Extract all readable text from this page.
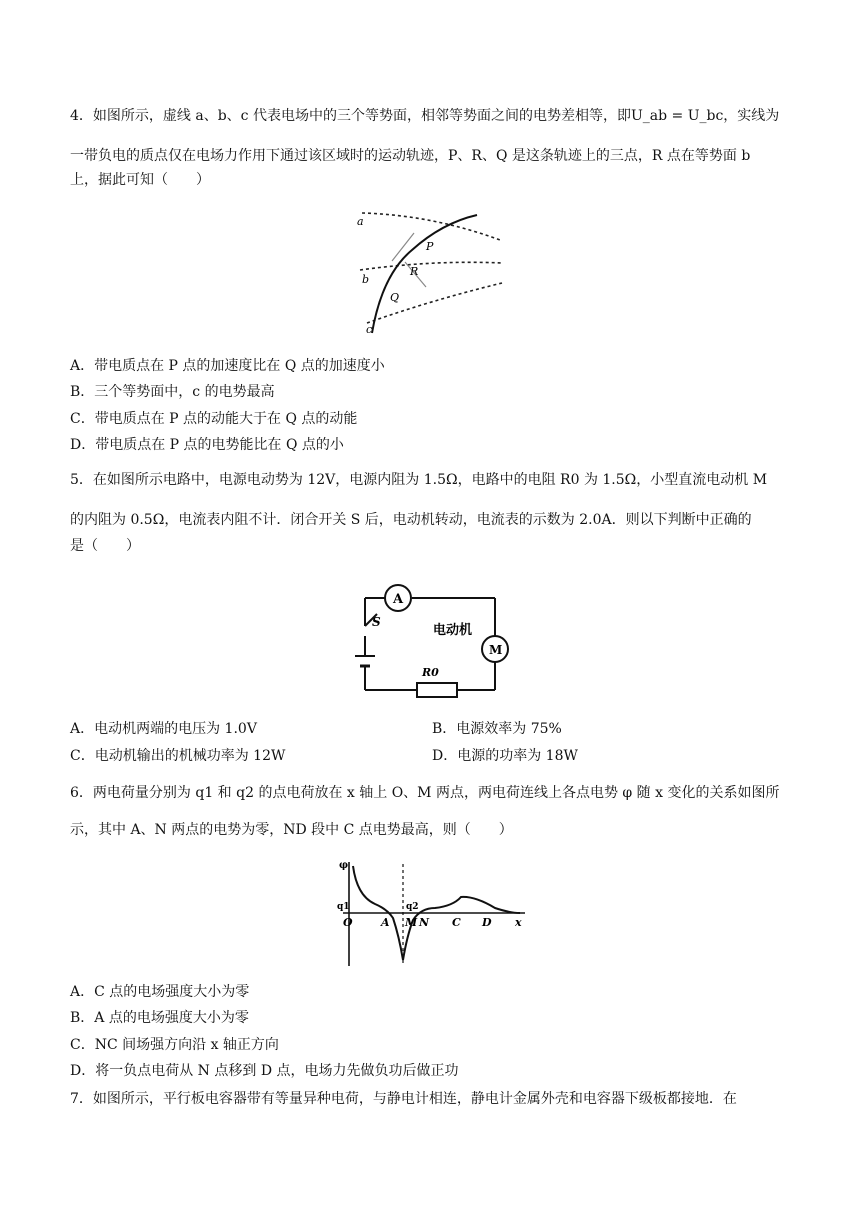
4．如图所示，虚线 a、b、c 代表电场中的三个等势面，相邻等势面之间的电势差相等，即U_ab = U_bc，实线为
一带负电的质点仅在电场力作用下通过该区域时的运动轨迹，P、R、Q 是这条轨迹上的三点，R 点在等势面 b
上，据此可知（　　）
a
b
c
P
R
Q
A．带电质点在 P 点的加速度比在 Q 点的加速度小
B．三个等势面中，c 的电势最高
C．带电质点在 P 点的动能大于在 Q 点的动能
D．带电质点在 P 点的电势能比在 Q 点的小
5．在如图所示电路中，电源电动势为 12V，电源内阻为 1.5Ω，电路中的电阻 R0 为 1.5Ω，小型直流电动机 M
的内阻为 0.5Ω，电流表内阻不计．闭合开关 S 后，电动机转动，电流表的示数为 2.0A．则以下判断中正确的
是（　　）
A
S
电动机
M
R0
A．电动机两端的电压为 1.0V	B．电源效率为 75%
C．电动机输出的机械功率为 12W	D．电源的功率为 18W
6．两电荷量分别为 q1 和 q2 的点电荷放在 x 轴上 O、M 两点，两电荷连线上各点电势 φ 随 x 变化的关系如图所
示，其中 A、N 两点的电势为零，ND 段中 C 点电势最高，则（　　）
φ
q1	q2
O	A M N C D x
A．C 点的电场强度大小为零
B．A 点的电场强度大小为零
C．NC 间场强方向沿 x 轴正方向
D．将一负点电荷从 N 点移到 D 点，电场力先做负功后做正功
7．如图所示，平行板电容器带有等量异种电荷，与静电计相连，静电计金属外壳和电容器下级板都接地．在
